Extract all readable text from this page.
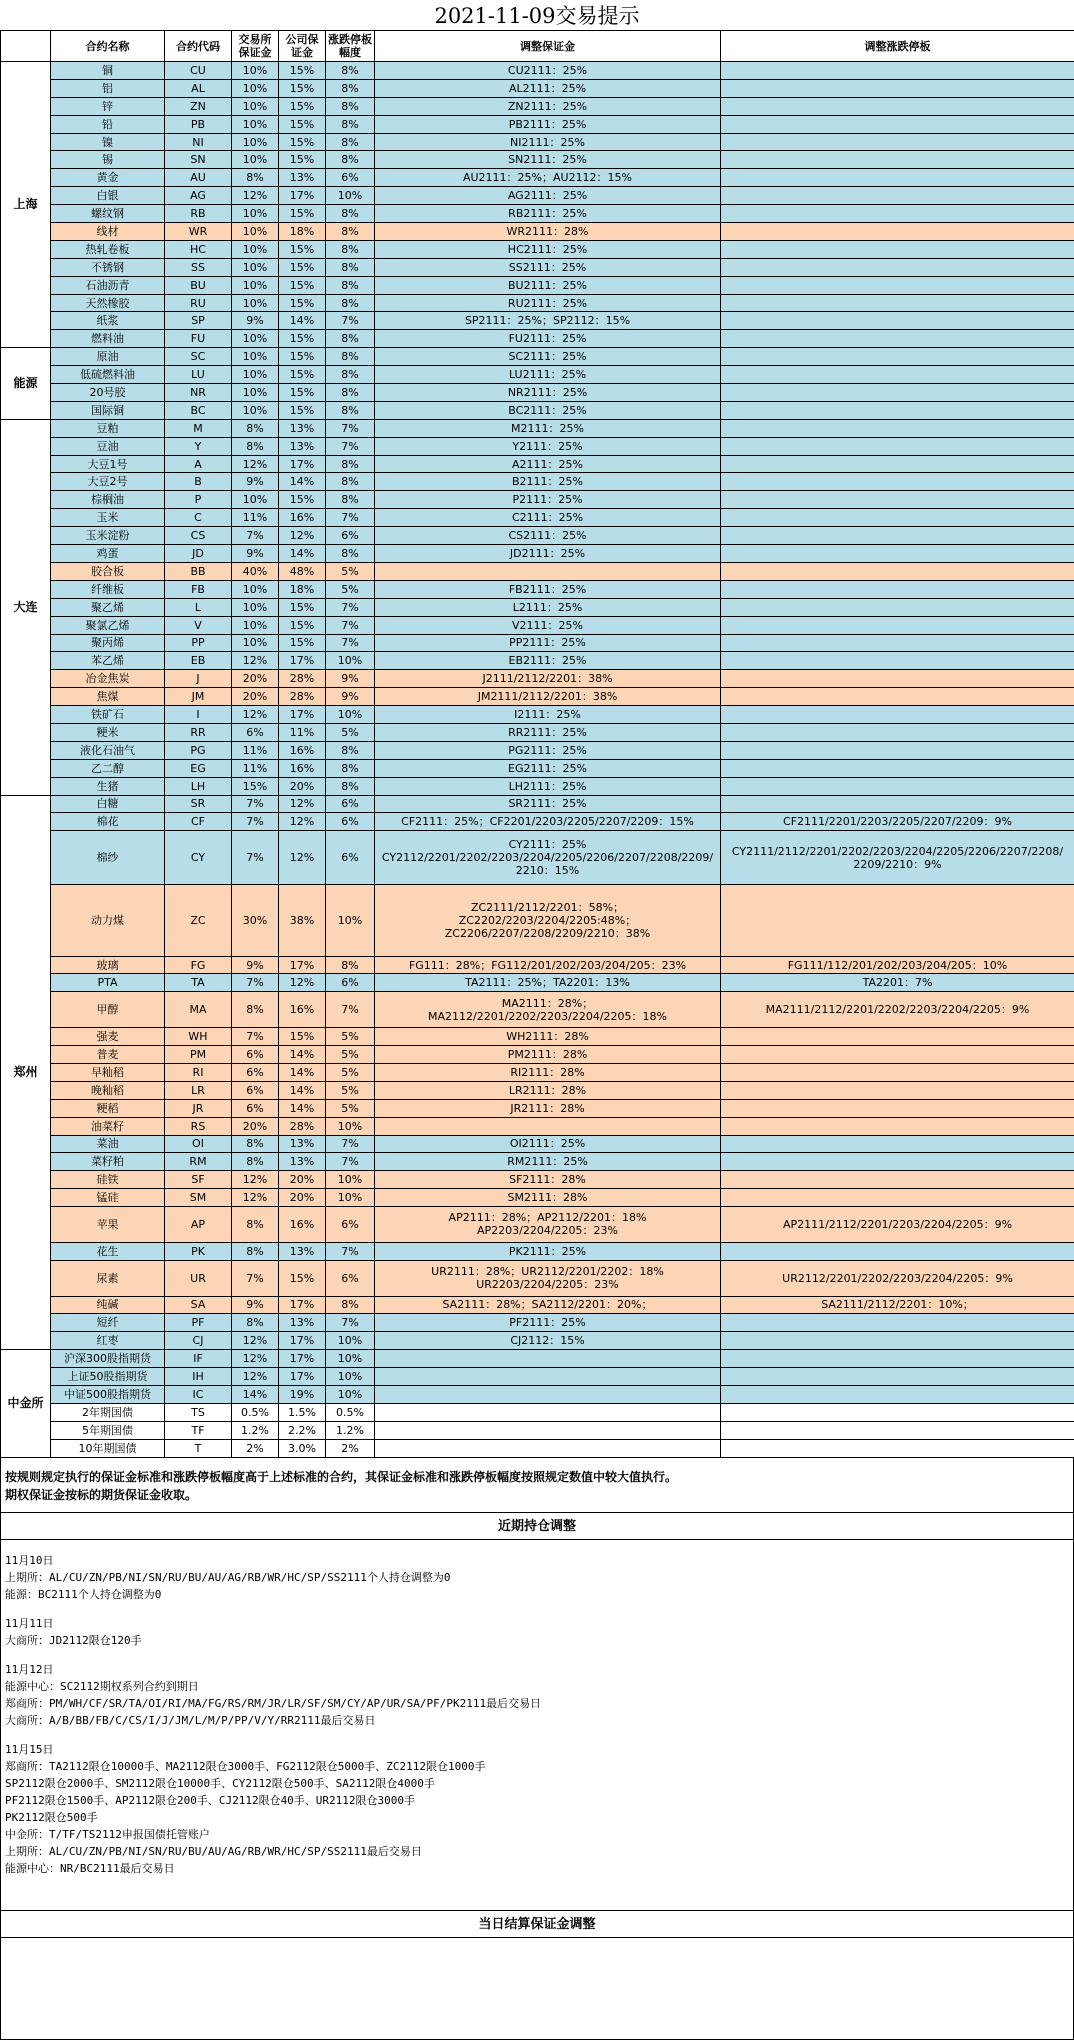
2021-11-09交易提示
	合约名称	合约代码	交易所保证金	公司保证金	涨跌停板幅度	调整保证金	调整涨跌停板
上海	铜	CU	10%	15%	8%	CU2111：25%	
	铝	AL	10%	15%	8%	AL2111：25%	
	锌	ZN	10%	15%	8%	ZN2111：25%	
	铅	PB	10%	15%	8%	PB2111：25%	
	镍	NI	10%	15%	8%	NI2111：25%	
	锡	SN	10%	15%	8%	SN2111：25%	
	黄金	AU	8%	13%	6%	AU2111：25%；AU2112：15%	
	白银	AG	12%	17%	10%	AG2111：25%	
	螺纹钢	RB	10%	15%	8%	RB2111：25%	
	线材	WR	10%	18%	8%	WR2111：28%	
	热轧卷板	HC	10%	15%	8%	HC2111：25%	
	不锈钢	SS	10%	15%	8%	SS2111：25%	
	石油沥青	BU	10%	15%	8%	BU2111：25%	
	天然橡胶	RU	10%	15%	8%	RU2111：25%	
	纸浆	SP	9%	14%	7%	SP2111：25%；SP2112：15%	
	燃料油	FU	10%	15%	8%	FU2111：25%	
能源	原油	SC	10%	15%	8%	SC2111：25%	
	低硫燃料油	LU	10%	15%	8%	LU2111：25%	
	20号胶	NR	10%	15%	8%	NR2111：25%	
	国际铜	BC	10%	15%	8%	BC2111：25%	
大连	豆粕	M	8%	13%	7%	M2111：25%	
	豆油	Y	8%	13%	7%	Y2111：25%	
	大豆1号	A	12%	17%	8%	A2111：25%	
	大豆2号	B	9%	14%	8%	B2111：25%	
	棕榈油	P	10%	15%	8%	P2111：25%	
	玉米	C	11%	16%	7%	C2111：25%	
	玉米淀粉	CS	7%	12%	6%	CS2111：25%	
	鸡蛋	JD	9%	14%	8%	JD2111：25%	
	胶合板	BB	40%	48%	5%		
	纤维板	FB	10%	18%	5%	FB2111：25%	
	聚乙烯	L	10%	15%	7%	L2111：25%	
	聚氯乙烯	V	10%	15%	7%	V2111：25%	
	聚丙烯	PP	10%	15%	7%	PP2111：25%	
	苯乙烯	EB	12%	17%	10%	EB2111：25%	
	冶金焦炭	J	20%	28%	9%	J2111/2112/2201：38%	
	焦煤	JM	20%	28%	9%	JM2111/2112/2201：38%	
	铁矿石	I	12%	17%	10%	I2111：25%	
	粳米	RR	6%	11%	5%	RR2111：25%	
	液化石油气	PG	11%	16%	8%	PG2111：25%	
	乙二醇	EG	11%	16%	8%	EG2111：25%	
	生猪	LH	15%	20%	8%	LH2111：25%	
郑州	白糖	SR	7%	12%	6%	SR2111：25%	
	棉花	CF	7%	12%	6%	CF2111：25%；CF2201/2203/2205/2207/2209：15%	CF2111/2201/2203/2205/2207/2209：9%
	棉纱	CY	7%	12%	6%	CY2111：25%
CY2112/2201/2202/2203/2204/2205/2206/2207/2208/2209/
2210：15%	CY2111/2112/2201/2202/2203/2204/2205/2206/2207/2208/
2209/2210：9%
	动力煤	ZC	30%	38%	10%	ZC2111/2112/2201：58%；
ZC2202/2203/2204/2205:48%；
ZC2206/2207/2208/2209/2210：38%	
	玻璃	FG	9%	17%	8%	FG111：28%；FG112/201/202/203/204/205：23%	FG111/112/201/202/203/204/205：10%
	PTA	TA	7%	12%	6%	TA2111：25%；TA2201：13%	TA2201：7%
	甲醇	MA	8%	16%	7%	MA2111：28%；
MA2112/2201/2202/2203/2204/2205：18%	MA2111/2112/2201/2202/2203/2204/2205：9%
	强麦	WH	7%	15%	5%	WH2111：28%	
	普麦	PM	6%	14%	5%	PM2111：28%	
	早籼稻	RI	6%	14%	5%	RI2111：28%	
	晚籼稻	LR	6%	14%	5%	LR2111：28%	
	粳稻	JR	6%	14%	5%	JR2111：28%	
	油菜籽	RS	20%	28%	10%		
	菜油	OI	8%	13%	7%	OI2111：25%	
	菜籽粕	RM	8%	13%	7%	RM2111：25%	
	硅铁	SF	12%	20%	10%	SF2111：28%	
	锰硅	SM	12%	20%	10%	SM2111：28%	
	苹果	AP	8%	16%	6%	AP2111：28%；AP2112/2201：18%
AP2203/2204/2205：23%	AP2111/2112/2201/2203/2204/2205：9%
	花生	PK	8%	13%	7%	PK2111：25%	
	尿素	UR	7%	15%	6%	UR2111：28%；UR2112/2201/2202：18%
UR2203/2204/2205：23%	UR2112/2201/2202/2203/2204/2205：9%
	纯碱	SA	9%	17%	8%	SA2111：28%；SA2112/2201：20%；	SA2111/2112/2201：10%；
	短纤	PF	8%	13%	7%	PF2111：25%	
	红枣	CJ	12%	17%	10%	CJ2112：15%	
中金所	沪深300股指期货	IF	12%	17%	10%		
	上证50股指期货	IH	12%	17%	10%		
	中证500股指期货	IC	14%	19%	10%		
	2年期国债	TS	0.5%	1.5%	0.5%		
	5年期国债	TF	1.2%	2.2%	1.2%		
	10年期国债	T	2%	3.0%	2%		
按规则规定执行的保证金标准和涨跌停板幅度高于上述标准的合约，其保证金标准和涨跌停板幅度按照规定数值中较大值执行。
期权保证金按标的期货保证金收取。
近期持仓调整
11月10日
上期所：AL/CU/ZN/PB/NI/SN/RU/BU/AU/AG/RB/WR/HC/SP/SS2111个人持仓调整为0
能源：BC2111个人持仓调整为0
11月11日
大商所：JD2112限仓120手
11月12日
能源中心：SC2112期权系列合约到期日
郑商所：PM/WH/CF/SR/TA/OI/RI/MA/FG/RS/RM/JR/LR/SF/SM/CY/AP/UR/SA/PF/PK2111最后交易日
大商所：A/B/BB/FB/C/CS/I/J/JM/L/M/P/PP/V/Y/RR2111最后交易日
11月15日
郑商所：TA2112限仓10000手、MA2112限仓3000手、FG2112限仓5000手、ZC2112限仓1000手
SP2112限仓2000手、SM2112限仓10000手、CY2112限仓500手、SA2112限仓4000手
PF2112限仓1500手、AP2112限仓200手、CJ2112限仓40手、UR2112限仓3000手
PK2112限仓500手
中金所：T/TF/TS2112申报国债托管账户
上期所：AL/CU/ZN/PB/NI/SN/RU/BU/AU/AG/RB/WR/HC/SP/SS2111最后交易日
能源中心：NR/BC2111最后交易日
当日结算保证金调整
